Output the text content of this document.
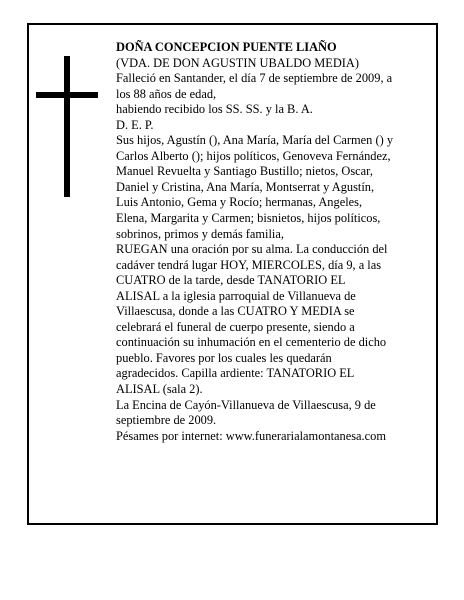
DOÑA CONCEPCION PUENTE LIAÑO
(VDA. DE DON AGUSTIN UBALDO MEDIA)
Falleció en Santander, el día 7 de septiembre de 2009, a
los 88 años de edad,
habiendo recibido los SS. SS. y la B. A.
D. E. P.
Sus hijos, Agustín (), Ana María, María del Carmen () y
Carlos Alberto (); hijos políticos, Genoveva Fernández,
Manuel Revuelta y Santiago Bustillo; nietos, Oscar,
Daniel y Cristina, Ana María, Montserrat y Agustín,
Luis Antonio, Gema y Rocío; hermanas, Angeles,
Elena, Margarita y Carmen; bisnietos, hijos políticos,
sobrinos, primos y demás familia,
RUEGAN una oración por su alma. La conducción del
cadáver tendrá lugar HOY, MIERCOLES, día 9, a las
CUATRO de la tarde, desde TANATORIO EL
ALISAL a la iglesia parroquial de Villanueva de
Villaescusa, donde a las CUATRO Y MEDIA se
celebrará el funeral de cuerpo presente, siendo a
continuación su inhumación en el cementerio de dicho
pueblo. Favores por los cuales les quedarán
agradecidos. Capilla ardiente: TANATORIO EL
ALISAL (sala 2).
La Encina de Cayón-Villanueva de Villaescusa, 9 de
septiembre de 2009.
Pésames por internet: www.funerarialamontanesa.com
